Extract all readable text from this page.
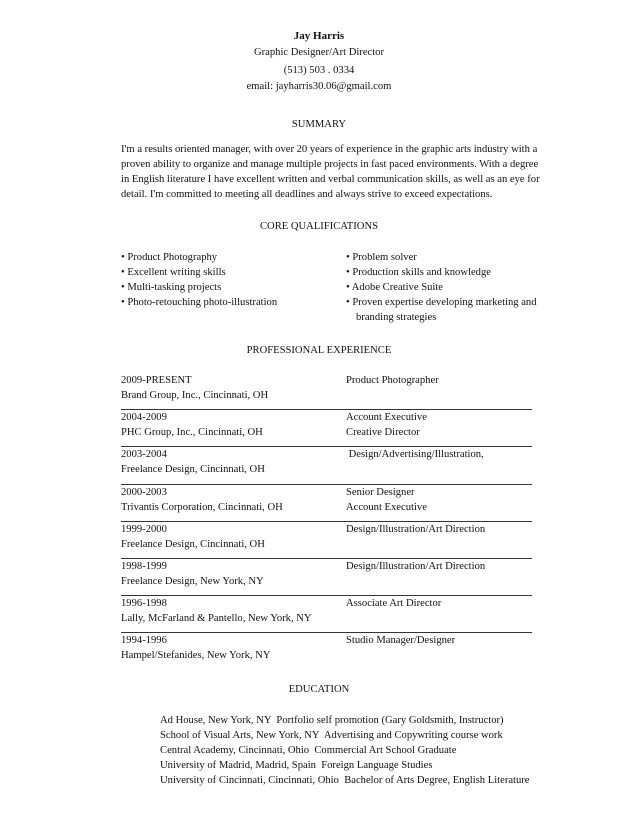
Jay Harris
Graphic Designer/Art Director
(513) 503 . 0334
email: jayharris30.06@gmail.com
SUMMARY

I'm a results oriented manager, with over 20 years of experience in the graphic arts industry with a proven ability to organize and manage multiple projects in fast paced environments. With a degree in English literature I have excellent written and verbal communication skills, as well as an eye for detail. I'm committed to meeting all deadlines and always strive to exceed expectations.

CORE QUALIFICATIONS
• Product Photography
• Excellent writing skills
• Multi-tasking projects
• Photo-retouching photo-illustration
• Problem solver
• Production skills and knowledge
• Adobe Creative Suite
• Proven expertise developing marketing and
branding strategies
PROFESSIONAL EXPERIENCE
2009-PRESENT
Brand Group, Inc., Cincinnati, OH
Product Photographer
2004-2009
PHC Group, Inc., Cincinnati, OH
Account Executive
Creative Director
2003-2004
Freelance Design, Cincinnati, OH
Design/Advertising/Illustration,
2000-2003
Trivantis Corporation, Cincinnati, OH
Senior Designer
Account Executive
1999-2000
Freelance Design, Cincinnati, OH
Design/Illustration/Art Direction
1998-1999
Freelance Design, New York, NY
Design/Illustration/Art Direction
1996-1998
Lally, McFarland & Pantello, New York, NY
Associate Art Director
1994-1996
Hampel/Stefanides, New York, NY
Studio Manager/Designer
EDUCATION
Ad House, New York, NY  Portfolio self promotion (Gary Goldsmith, Instructor)
School of Visual Arts, New York, NY  Advertising and Copywriting course work
Central Academy, Cincinnati, Ohio  Commercial Art School Graduate
University of Madrid, Madrid, Spain  Foreign Language Studies
University of Cincinnati, Cincinnati, Ohio  Bachelor of Arts Degree, English Literature
